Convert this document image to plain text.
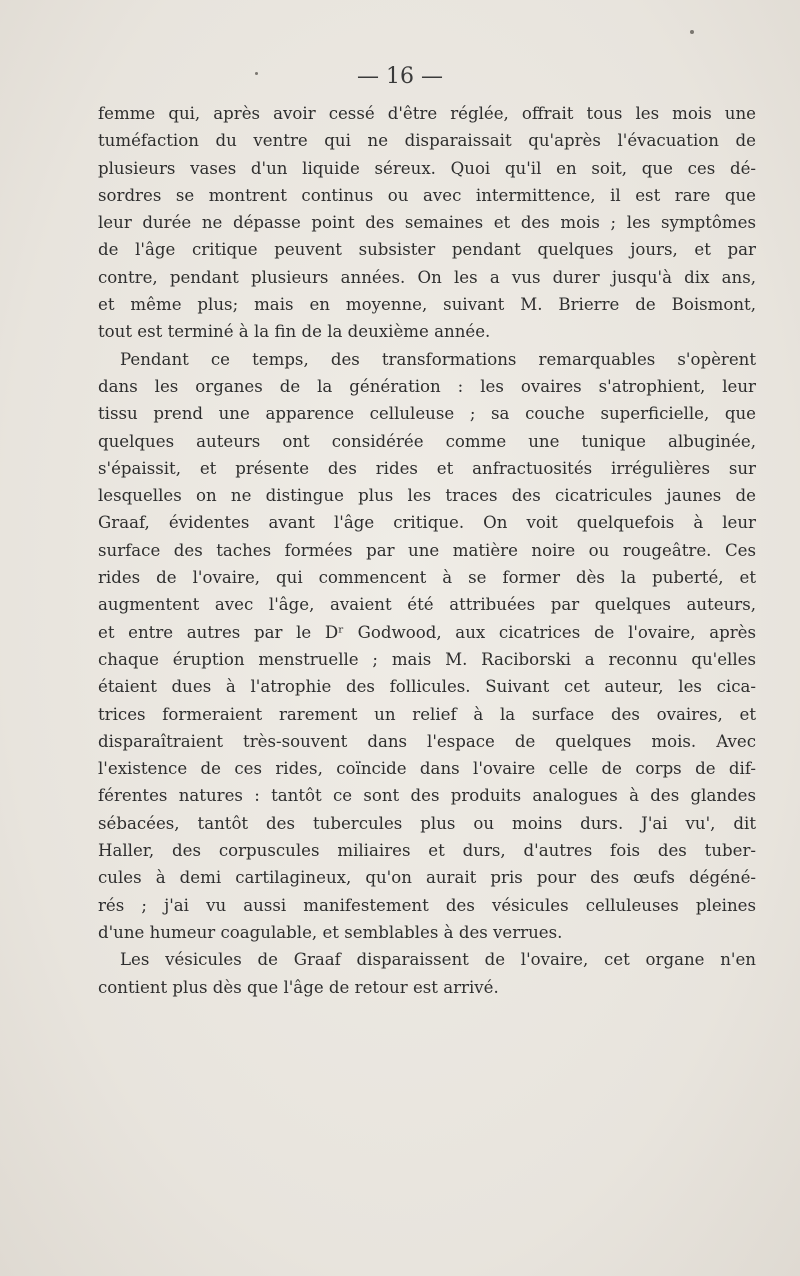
— 16 —
femme qui, après avoir cessé d'être réglée, offrait tous les mois une
tuméfaction du ventre qui ne disparaissait qu'après l'évacuation de
plusieurs vases d'un liquide séreux. Quoi qu'il en soit, que ces dé-
sordres se montrent continus ou avec intermittence, il est rare que
leur durée ne dépasse point des semaines et des mois ; les symptômes
de l'âge critique peuvent subsister pendant quelques jours, et par
contre, pendant plusieurs années. On les a vus durer jusqu'à dix ans,
et même plus; mais en moyenne, suivant M. Brierre de Boismont,
tout est terminé à la fin de la deuxième année.
Pendant ce temps, des transformations remarquables s'opèrent
dans les organes de la génération : les ovaires s'atrophient, leur
tissu prend une apparence celluleuse ; sa couche superficielle, que
quelques auteurs ont considérée comme une tunique albuginée,
s'épaissit, et présente des rides et anfractuosités irrégulières sur
lesquelles on ne distingue plus les traces des cicatricules jaunes de
Graaf, évidentes avant l'âge critique. On voit quelquefois à leur
surface des taches formées par une matière noire ou rougeâtre. Ces
rides de l'ovaire, qui commencent à se former dès la puberté, et
augmentent avec l'âge, avaient été attribuées par quelques auteurs,
et entre autres par le Dʳ Godwood, aux cicatrices de l'ovaire, après
chaque éruption menstruelle ; mais M. Raciborski a reconnu qu'elles
étaient dues à l'atrophie des follicules. Suivant cet auteur, les cica-
trices formeraient rarement un relief à la surface des ovaires, et
disparaîtraient très-souvent dans l'espace de quelques mois. Avec
l'existence de ces rides, coïncide dans l'ovaire celle de corps de dif-
férentes natures : tantôt ce sont des produits analogues à des glandes
sébacées, tantôt des tubercules plus ou moins durs. J'ai vu', dit
Haller, des corpuscules miliaires et durs, d'autres fois des tuber-
cules à demi cartilagineux, qu'on aurait pris pour des œufs dégéné-
rés ; j'ai vu aussi manifestement des vésicules celluleuses pleines
d'une humeur coagulable, et semblables à des verrues.
Les vésicules de Graaf disparaissent de l'ovaire, cet organe n'en
contient plus dès que l'âge de retour est arrivé.
